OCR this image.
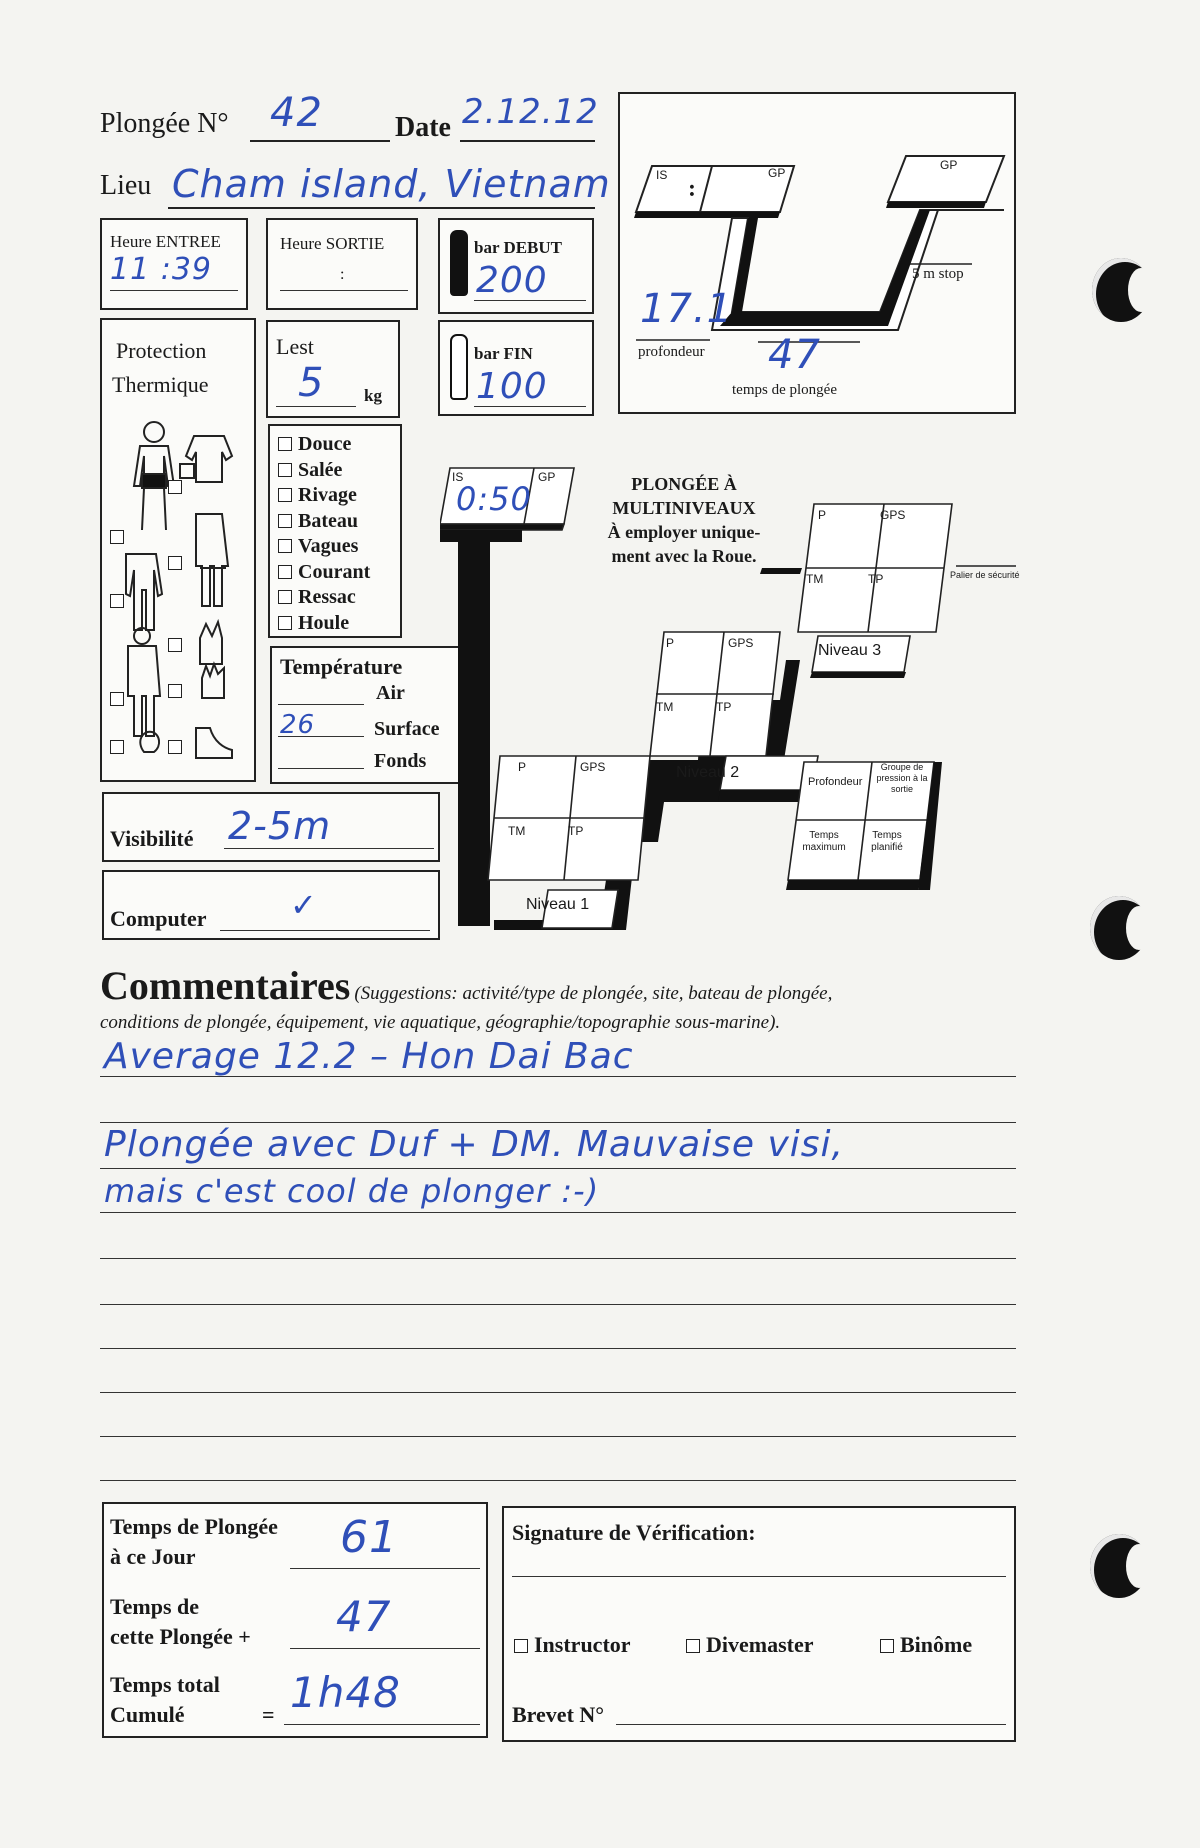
Plongée N° 42	Date 2.12.12
Lieu Cham island, Vietnam
Heure ENTREE
11 :39
Heure SORTIE
:
bar DEBUT
200
bar FIN
100
IS	GP
:
GP
5 m stop
17.1
profondeur 47
temps de plongée
Protection
Thermique
Lest
5 kg
Douce
Salée
Rivage
Bateau
Vagues
Courant
Ressac
Houle
Température
Air
26	Surface
Fonds
Visibilité 2-5m
Computer	✓
IS	GP
0:50	PLONGÉE À
MULTINIVEAUX
À employer unique-
ment avec la Roue.
P	GPS
TM	TP
Niveau 3
Palier de sécurité
P	GPS
TM	TP
Niveau 2
P	GPS
TM	TP
Niveau 1
Profondeur
Groupe de pression à la sortie
Temps maximum
Temps planifié
Commentaires (Suggestions: activité/type de plongée, site, bateau de plongée,
conditions de plongée, équipement, vie aquatique, géographie/topographie sous-marine).
Average 12.2 – Hon Dai Bac
Plongée avec Duf + DM. Mauvaise visi,
mais c'est cool de plonger :-)
Temps de Plongée
à ce Jour	61
Temps de
cette Plongée + 47
Temps total
Cumulé	= 1h48
Signature de Vérification:
Instructor	Divemaster	Binôme
Brevet N°
